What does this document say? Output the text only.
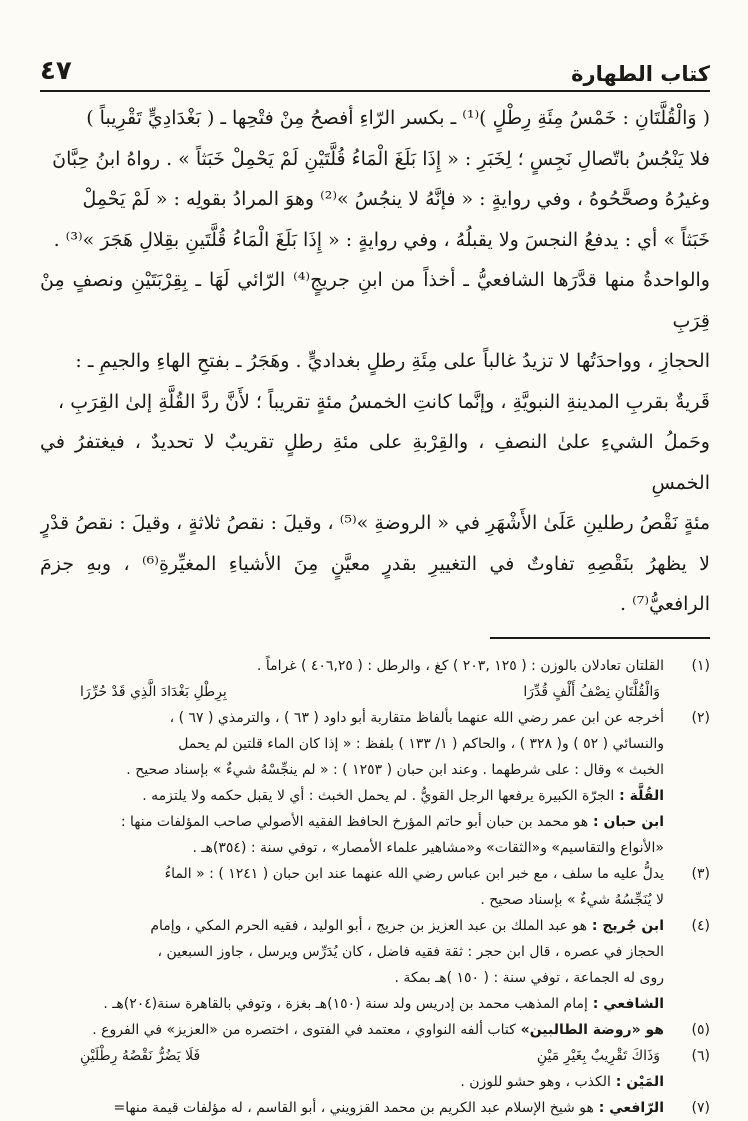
كتاب الطهارة
٤٧

( وَالْقُلَّتَانِ : خَمْسُ مِئَةِ رِطْلٍ )⁽¹⁾ ـ بكسر الرّاءِ أفصحُ مِنْ فتْحِها ـ ( بَغْدَادِيٍّ تَقْرِيباً )

فلا يَنْجُسُ باتّصالِ نَجِسٍ ؛ لِخَبَرِ : « إِذَا بَلَغَ الْمَاءُ قُلَّتَيْنِ لَمْ يَحْمِلْ خَبَثاً » . رواهُ ابنُ حِبَّانَ

وغيرُهُ وصحَّحُوهُ ، وفي روايةٍ : « فإنَّهُ لا ينجُسُ »⁽²⁾ وهوَ المرادُ بقولِه : « لَمْ يَحْمِلْ

خَبَثاً » أي : يدفعُ النجسَ ولا يقبلُهُ ، وفي روايةٍ : « إِذَا بَلَغَ الْمَاءُ قُلَّتَينِ بقِلالِ هَجَرَ »⁽³⁾ .

والواحدةُ منها قدَّرَها الشافعيُّ ـ أخذاً من ابنِ جريجٍ⁽⁴⁾ الرّائي لَهَا ـ بِقِرْبَتَيْنِ ونصفٍ مِنْ قِرَبِ

الحجازِ ، وواحدَتُها لا تزيدُ غالباً على مِئَةِ رطلٍ بغداديٍّ . وهَجَرُ ـ بفتحِ الهاءِ والجيمِ ـ :

قَريةٌ بقربِ المدينةِ النبويَّةِ ، وإنَّما كانتِ الخمسُ مئةٍ تقريباً ؛ لأَنَّ ردَّ القُلَّةِ إلىٰ القِرَبِ ،

وحَملُ الشيءِ علىٰ النصفِ ، والقِرْبةِ على مئةِ رطلٍ تقريبٌ لا تحديدٌ ، فيغتفرُ في الخمسِ

مئةٍ نَقْصُ رطلينِ عَلَىٰ الأَشْهَرِ في « الروضةِ »⁽⁵⁾ ، وقيلَ : نقصُ ثلاثةٍ ، وقيلَ : نقصُ قدْرٍ

لا يظهرُ بنَقْصِهِ تفاوتٌ في التغييرِ بقدرٍ معيَّنٍ مِنَ الأشياءِ المغيِّرةِ⁽⁶⁾ ، وبهِ جزمَ الرافعيُّ⁽⁷⁾ .

(١)
القلتان تعادلان بالوزن : ( ١٢٥ ,٢٠٣ ) كغ ، والرطل : ( ٤٠٦,٢٥ ) غراماً .
وَالْقُلَّتَانِ نِصْفُ أَلْفٍ قُدِّرَا
بِرِطْلِ بَغْدَادَ الَّذِي قَدْ حُرِّرَا
(٢)
أخرجه عن ابن عمر رضي الله عنهما بألفاظ متقاربة أبو داود ( ٦٣ ) ، والترمذي ( ٦٧ ) ،
والنسائي ( ٥٢ ) و( ٣٢٨ ) ، والحاكم ( ١/ ١٣٣ ) بلفظ : « إذا كان الماء قلتين لم يحمل
الخبث » وقال : على شرطهما . وعند ابن حبان ( ١٢٥٣ ) : « لم ينجِّسْهُ شيءٌ » بإسناد صحيح .
القُلَّة : الجرّة الكبيرة يرفعها الرجل القويُّ . لم يحمل الخبث : أي لا يقبل حكمه ولا يلتزمه .
ابن حبان : هو محمد بن حبان أبو حاتم المؤرخ الحافظ الفقيه الأصولي صاحب المؤلفات منها :
«الأنواع والتقاسيم» و«الثقات» و«مشاهير علماء الأمصار» ، توفي سنة : (٣٥٤)هـ .
(٣)
يدلُّ عليه ما سلف ، مع خبر ابن عباس رضي الله عنهما عند ابن حبان ( ١٢٤١ ) : « الماءُ
لا يُنَجِّسُهُ شيءٌ » بإسناد صحيح .
(٤)
ابن جُريج : هو عبد الملك بن عبد العزيز بن جريج ، أبو الوليد ، فقيه الحرم المكي ، وإمام
الحجاز في عصره ، قال ابن حجر : ثقة فقيه فاضل ، كان يُدَرِّس ويرسل ، جاوز السبعين ،
روى له الجماعة ، توفي سنة : ( ١٥٠ )هـ بمكة .
الشافعي : إمام المذهب محمد بن إدريس ولد سنة (١٥٠)هـ بغزة ، وتوفي بالقاهرة سنة(٢٠٤)هـ .
(٥)
هو «روضة الطالبين» كتاب ألفه النواوي ، معتمد في الفتوى ، اختصره من «العزيز» في الفروع .
(٦)
وَذَاكَ تَقْرِيبٌ بِغَيْرِ مَيْنِ
فَلَا يَضُرُّ نَقْصُهُ رِطْلَيْنِ
المَيْن : الكذب ، وهو حشو للوزن .
(٧)
الرّافعي : هو شيخ الإسلام عبد الكريم بن محمد القزويني ، أبو القاسم ، له مؤلفات قيمة منها=
